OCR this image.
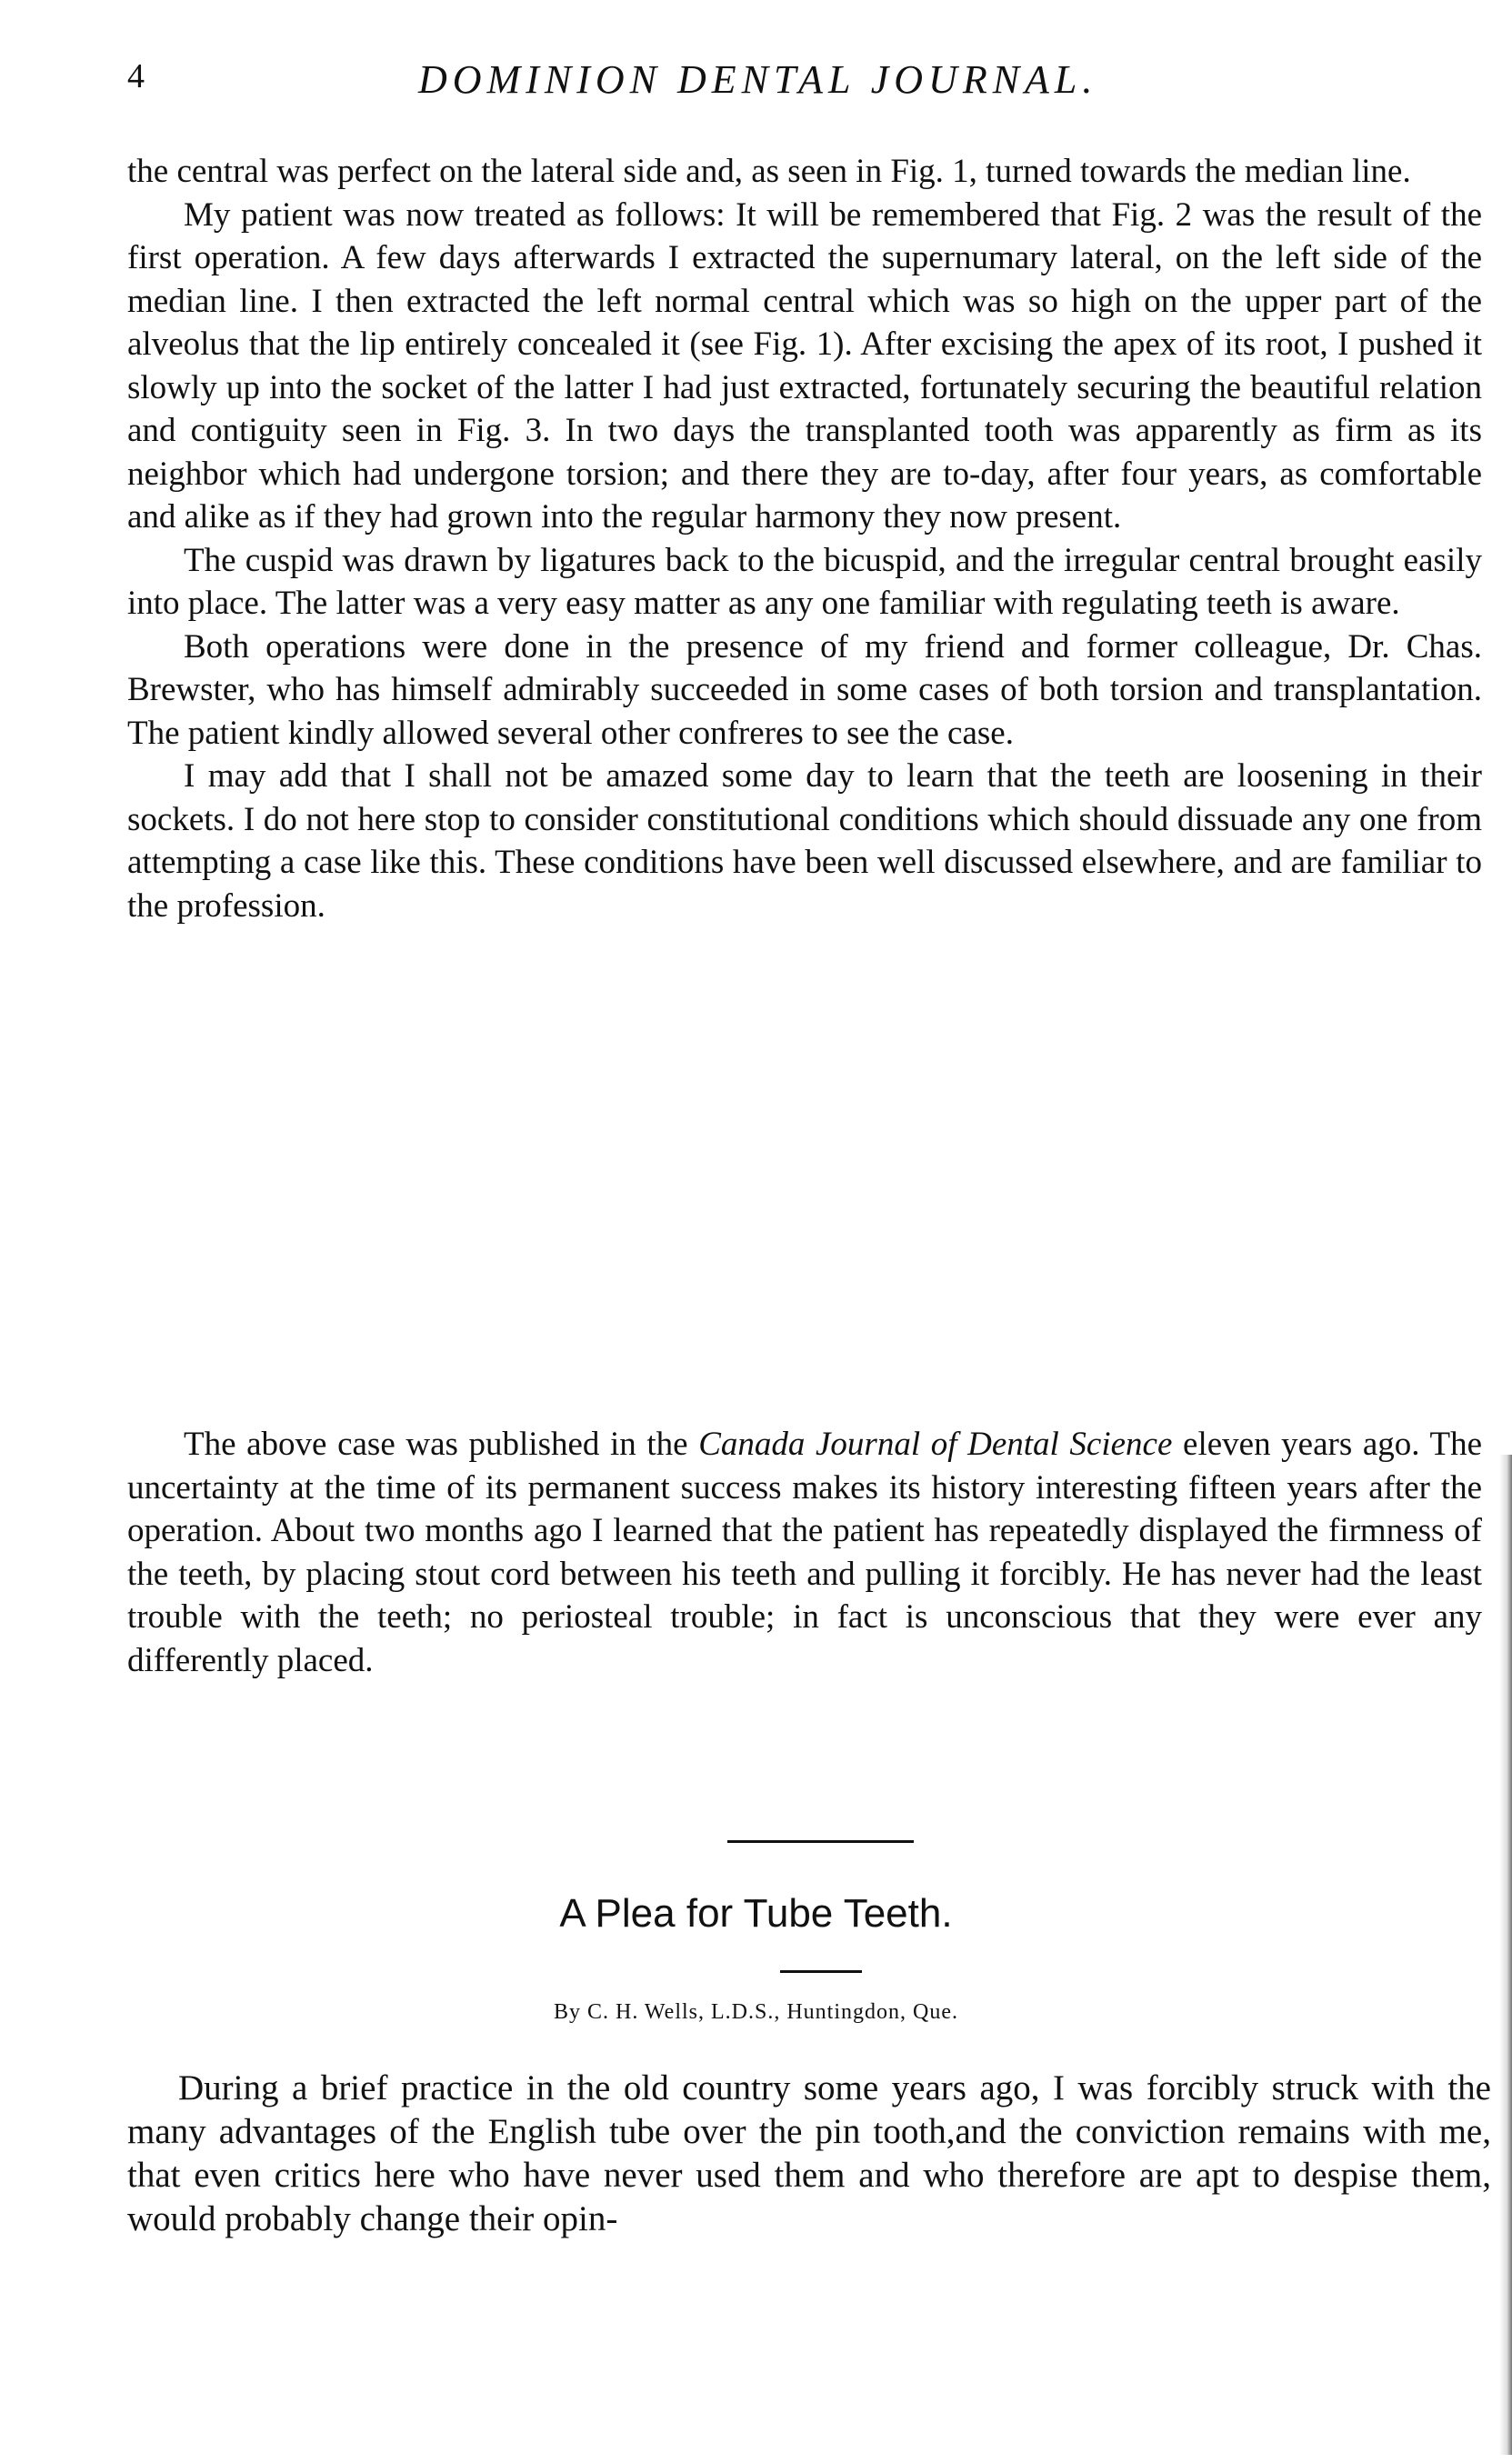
4	DOMINION DENTAL JOURNAL.

the central was perfect on the lateral side and, as seen in Fig. 1, turned towards the median line.

My patient was now treated as follows: It will be remembered that Fig. 2 was the result of the first operation. A few days afterwards I extracted the supernumary lateral, on the left side of the median line. I then extracted the left normal central which was so high on the upper part of the alveolus that the lip entirely concealed it (see Fig. 1). After excising the apex of its root, I pushed it slowly up into the socket of the latter I had just extracted, fortunately securing the beautiful relation and contiguity seen in Fig. 3. In two days the transplanted tooth was apparently as firm as its neighbor which had undergone torsion; and there they are to-day, after four years, as comfortable and alike as if they had grown into the regular harmony they now present.

The cuspid was drawn by ligatures back to the bicuspid, and the irregular central brought easily into place. The latter was a very easy matter as any one familiar with regulating teeth is aware.

Both operations were done in the presence of my friend and former colleague, Dr. Chas. Brewster, who has himself admirably succeeded in some cases of both torsion and transplantation. The patient kindly allowed several other confreres to see the case.

I may add that I shall not be amazed some day to learn that the teeth are loosening in their sockets. I do not here stop to consider constitutional conditions which should dissuade any one from attempting a case like this. These conditions have been well discussed elsewhere, and are familiar to the profession.

The above case was published in the Canada Journal of Dental Science eleven years ago. The uncertainty at the time of its permanent success makes its history interesting fifteen years after the operation. About two months ago I learned that the patient has repeatedly displayed the firmness of the teeth, by placing stout cord between his teeth and pulling it forcibly. He has never had the least trouble with the teeth; no periosteal trouble; in fact is unconscious that they were ever any differently placed.

A Plea for Tube Teeth.
By C. H. Wells, L.D.S., Huntingdon, Que.

During a brief practice in the old country some years ago, I was forcibly struck with the many advantages of the English tube over the pin tooth,and the conviction remains with me, that even critics here who have never used them and who therefore are apt to despise them, would probably change their opin-
